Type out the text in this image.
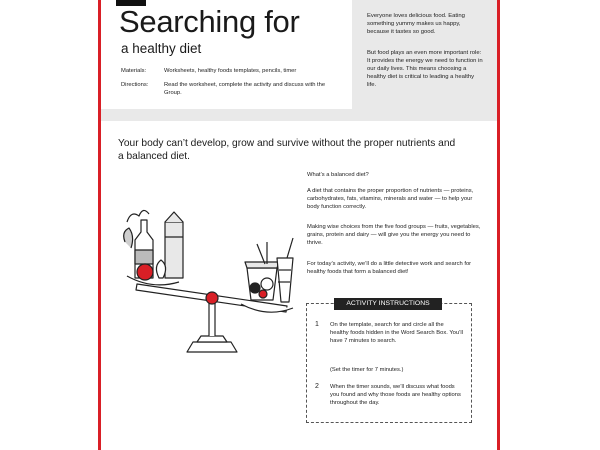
Searching for
a healthy diet
Materials:	Worksheets, healthy foods templates, pencils, timer
Directions:	Read the worksheet, complete the activity and discuss with the Group.
Everyone loves delicious food. Eating something yummy makes us happy, because it tastes so good.
But food plays an even more important role: It provides the energy we need to function in our daily lives. This means choosing a healthy diet is critical to leading a healthy life.
Your body can’t develop, grow and survive without the proper nutrients and a balanced diet.
What’s a balanced diet?
A diet that contains the proper proportion of nutrients — proteins, carbohydrates, fats, vitamins, minerals and water — to help your body function correctly.
Making wise choices from the five food groups — fruits, vegetables, grains, protein and dairy — will give you the energy you need to thrive.
For today’s activity, we’ll do a little detective work and search for healthy foods that form a balanced diet!
ACTIVITY INSTRUCTIONS
1 On the template, search for and circle all the healthy foods hidden in the Word Search Box. You’ll have 7 minutes to search.
(Set the timer for 7 minutes.)
2 When the timer sounds, we’ll discuss what foods you found and why those foods are healthy options throughout the day.
